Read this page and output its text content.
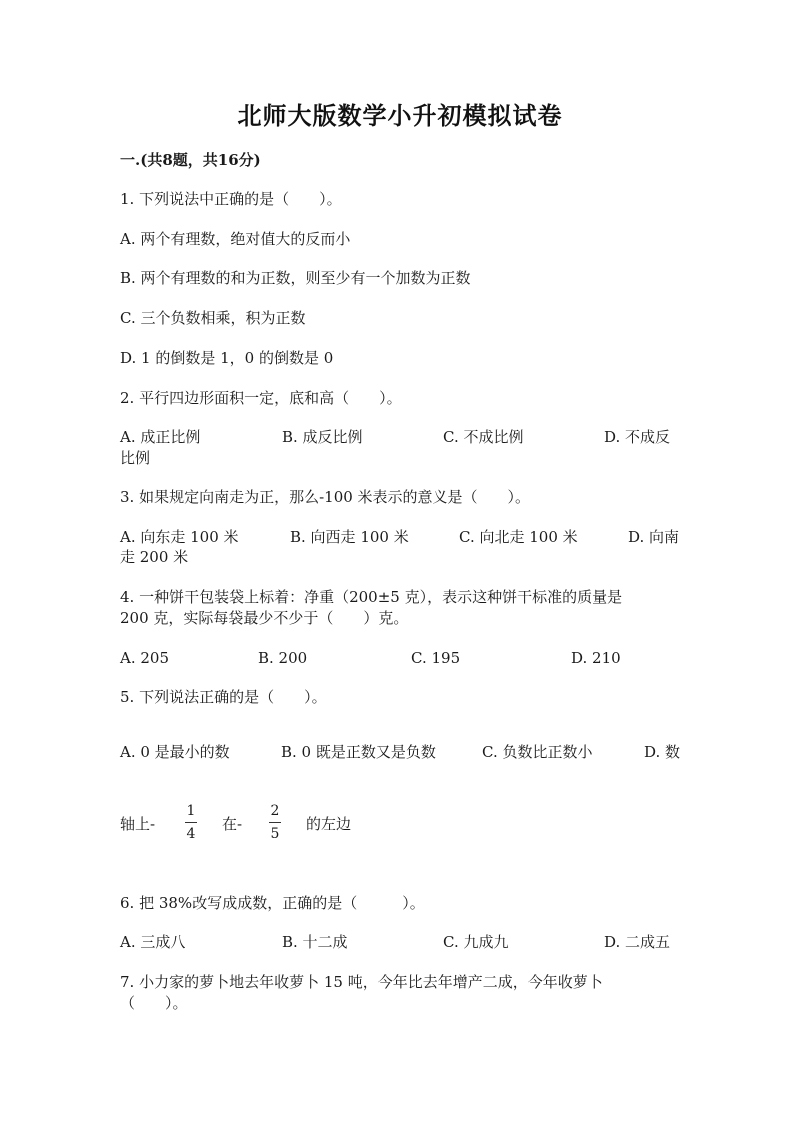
北师大版数学小升初模拟试卷
一.(共8题，共16分)
1. 下列说法中正确的是（　　）。
A. 两个有理数，绝对值大的反而小
B. 两个有理数的和为正数，则至少有一个加数为正数
C. 三个负数相乘，积为正数
D. 1 的倒数是 1，0 的倒数是 0
2. 平行四边形面积一定，底和高（　　）。
A. 成正比例	B. 成反比例	C. 不成比例	D. 不成反
比例
3. 如果规定向南走为正，那么-100 米表示的意义是（　　）。
A. 向东走 100 米	B. 向西走 100 米	C. 向北走 100 米	D. 向南
走 200 米
4. 一种饼干包装袋上标着：净重（200±5 克），表示这种饼干标准的质量是
200 克，实际每袋最少不少于（　　）克。
A. 205	B. 200	C. 195	D. 210
5. 下列说法正确的是（　　）。
A. 0 是最小的数	B. 0 既是正数又是负数	C. 负数比正数小	D. 数
轴上-
1
4
在-
2
5
的左边
6. 把 38%改写成成数，正确的是（　　　）。
A. 三成八	B. 十二成	C. 九成九	D. 二成五
7. 小力家的萝卜地去年收萝卜 15 吨，今年比去年增产二成，今年收萝卜
（　　）。
